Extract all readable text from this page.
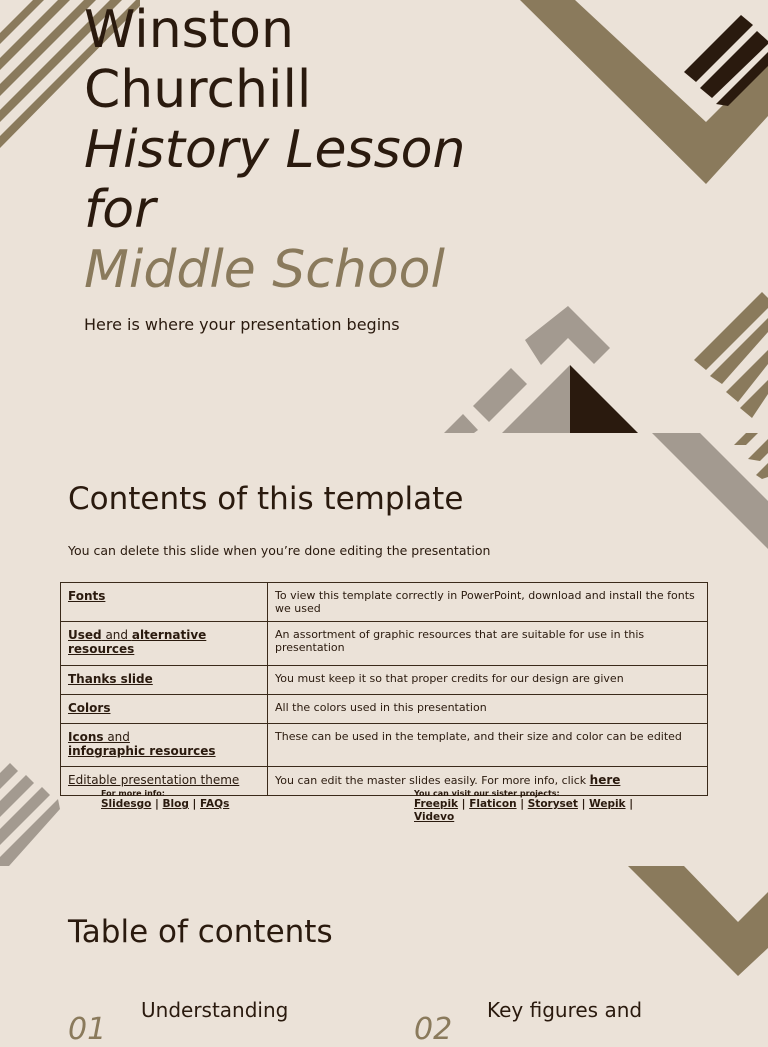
Winston
Churchill
History Lesson
for
Middle School
Here is where your presentation begins
Contents of this template
You can delete this slide when you’re done editing the presentation
Fonts	To view this template correctly in PowerPoint, download and install the fonts we used
Used and alternative resources	An assortment of graphic resources that are suitable for use in this presentation
Thanks slide	You must keep it so that proper credits for our design are given
Colors	All the colors used in this presentation
Icons and
infographic resources	These can be used in the template, and their size and color can be edited
Editable presentation theme	You can edit the master slides easily. For more info, click here
For more info:
Slidesgo | Blog | FAQs
You can visit our sister projects:
Freepik | Flaticon | Storyset | Wepik |
Videvo
Table of contents
01
Understanding
02
Key figures and
